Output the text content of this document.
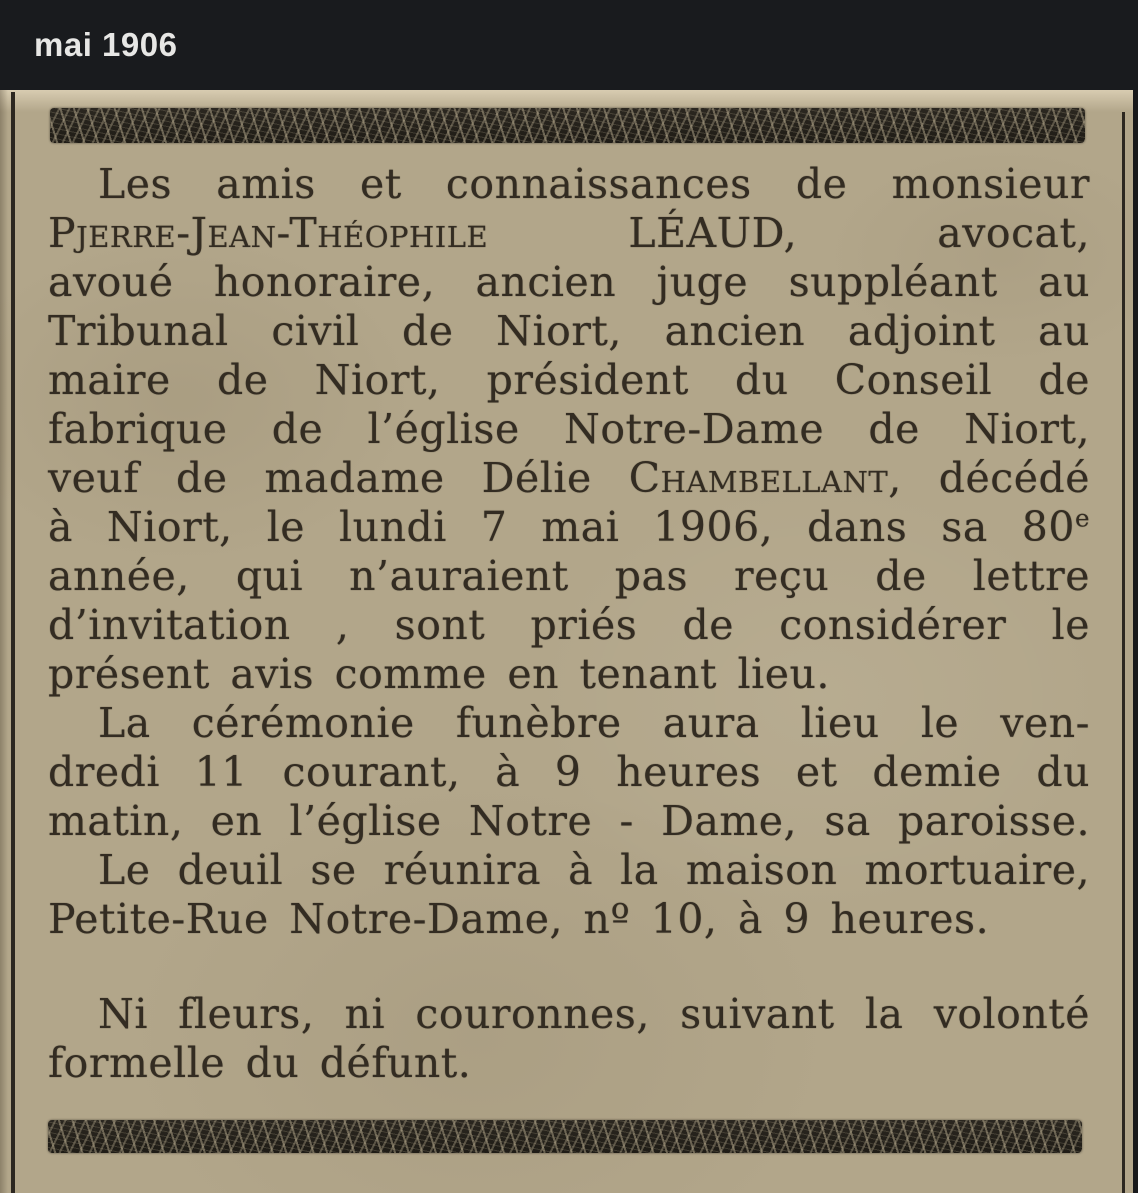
mai 1906
Les amis et connaissances de monsieur
Pjerre-Jean-Théophile LÉAUD, avocat,
avoué honoraire, ancien juge suppléant au
Tribunal civil de Niort, ancien adjoint au
maire de Niort, président du Conseil de
fabrique de l’église Notre-Dame de Niort,
veuf de madame Délie Chambellant, décédé
à Niort, le lundi 7 mai 1906, dans sa 80e
année, qui n’auraient pas reçu de lettre
d’invitation , sont priés de considérer le
présent avis comme en tenant lieu.
La cérémonie funèbre aura lieu le ven-
dredi 11 courant, à 9 heures et demie du
matin, en l’église Notre - Dame, sa paroisse.
Le deuil se réunira à la maison mortuaire,
Petite-Rue Notre-Dame, nº 10, à 9 heures.
Ni fleurs, ni couronnes, suivant la volonté
formelle du défunt.
